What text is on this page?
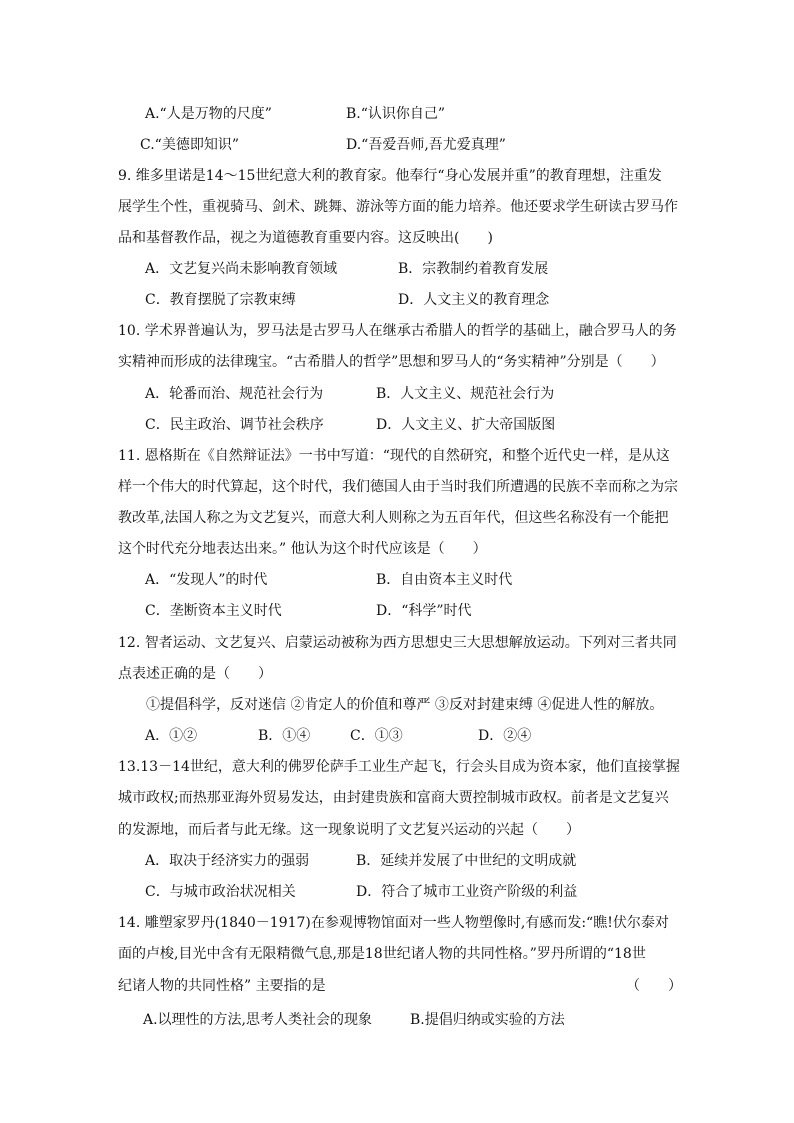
A.“人是万物的尺度”	B.“认识你自己”
C.“美德即知识”	D.“吾爱吾师,吾尤爱真理”
9. 维多里诺是14～15世纪意大利的教育家。他奉行“身心发展并重”的教育理想，注重发
展学生个性，重视骑马、剑术、跳舞、游泳等方面的能力培养。他还要求学生研读古罗马作
品和基督教作品，视之为道德教育重要内容。这反映出(　　)
A．文艺复兴尚未影响教育领域	B．宗教制约着教育发展
C．教育摆脱了宗教束缚	D．人文主义的教育理念
10. 学术界普遍认为，罗马法是古罗马人在继承古希腊人的哲学的基础上，融合罗马人的务
实精神而形成的法律瑰宝。“古希腊人的哲学”思想和罗马人的“务实精神”分别是（　　）
A．轮番而治、规范社会行为	B．人文主义、规范社会行为
C．民主政治、调节社会秩序	D．人文主义、扩大帝国版图
11. 恩格斯在《自然辩证法》一书中写道：“现代的自然研究，和整个近代史一样，是从这
样一个伟大的时代算起，这个时代，我们德国人由于当时我们所遭遇的民族不幸而称之为宗
教改革,法国人称之为文艺复兴，而意大利人则称之为五百年代，但这些名称没有一个能把
这个时代充分地表达出来。” 他认为这个时代应该是（　　）
A．“发现人”的时代	B．自由资本主义时代
C．垄断资本主义时代	D．“科学”时代
12. 智者运动、文艺复兴、启蒙运动被称为西方思想史三大思想解放运动。下列对三者共同
点表述正确的是（　　）
①提倡科学，反对迷信 ②肯定人的价值和尊严 ③反对封建束缚 ④促进人性的解放。
A．①②	B．①④	C．①③	D．②④
13.13－14世纪，意大利的佛罗伦萨手工业生产起飞，行会头目成为资本家，他们直接掌握
城市政权;而热那亚海外贸易发达，由封建贵族和富商大贾控制城市政权。前者是文艺复兴
的发源地，而后者与此无缘。这一现象说明了文艺复兴运动的兴起（　　）
A．取决于经济实力的强弱	B．延续并发展了中世纪的文明成就
C．与城市政治状况相关	D．符合了城市工业资产阶级的利益
14. 雕塑家罗丹(1840－1917)在参观博物馆面对一些人物塑像时,有感而发:“瞧!伏尔泰对
面的卢梭,目光中含有无限精微气息,那是18世纪诸人物的共同性格。”罗丹所谓的“18世
纪诸人物的共同性格” 主要指的是	（　　）
A.以理性的方法,思考人类社会的现象	B.提倡归纳或实验的方法
